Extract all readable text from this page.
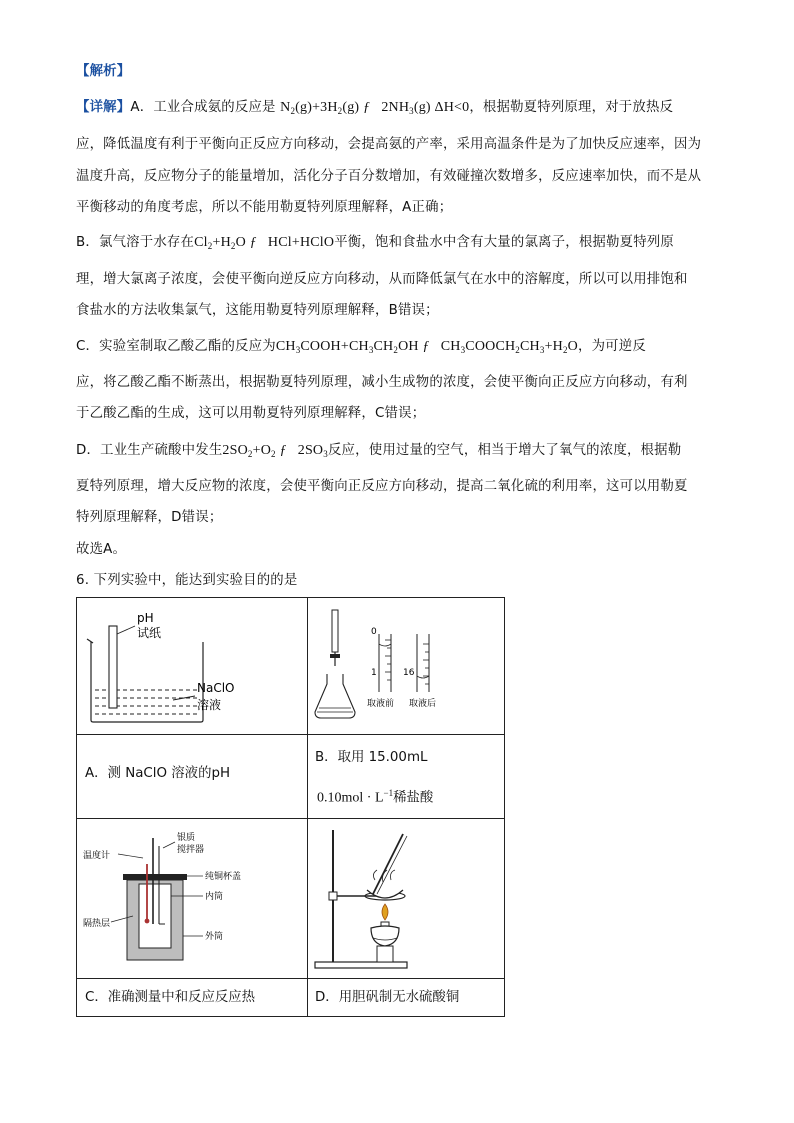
【解析】
【详解】A．工业合成氨的反应是 $N_2(g)+3H_2(g)$ ƒ $2NH_3(g)$ ΔH<0，根据勒夏特列原理，对于放热反
应，降低温度有利于平衡向正反应方向移动，会提高氨的产率，采用高温条件是为了加快反应速率，因为
温度升高，反应物分子的能量增加，活化分子百分数增加，有效碰撞次数增多，反应速率加快，而不是从
平衡移动的角度考虑，所以不能用勒夏特列原理解释，A正确；
B．氯气溶于水存在$Cl_2+H_2O$ ƒ HCl+HClO平衡，饱和食盐水中含有大量的氯离子，根据勒夏特列原
理，增大氯离子浓度，会使平衡向逆反应方向移动，从而降低氯气在水中的溶解度，所以可以用排饱和
食盐水的方法收集氯气，这能用勒夏特列原理解释，B错误；
C．实验室制取乙酸乙酯的反应为$CH_3COOH+CH_3CH_2OH$ ƒ $CH_3COOCH_2CH_3+H_2O$，为可逆反
应，将乙酸乙酯不断蒸出，根据勒夏特列原理，减小生成物的浓度，会使平衡向正反应方向移动，有利
于乙酸乙酯的生成，这可以用勒夏特列原理解释，C错误；
D．工业生产硫酸中发生$2SO_2+O_2$ ƒ $2SO_3$反应，使用过量的空气，相当于增大了氧气的浓度，根据勒
夏特列原理，增大反应物的浓度，会使平衡向正反应方向移动，提高二氧化硫的利用率，这可以用勒夏
特列原理解释，D错误；
故选A。
6. 下列实验中，能达到实验目的的是
pH
试纸
NaClO
溶液
0
1	16
取液前 取液后
A．测 NaClO 溶液的pH
B．取用 15.00mL
$0.10mol \cdot L^{-1}$稀盐酸
温度计
银质
搅拌器
纯铜杯盖
内筒
隔热层
外筒
C．准确测量中和反应反应热	D．用胆矾制无水硫酸铜
